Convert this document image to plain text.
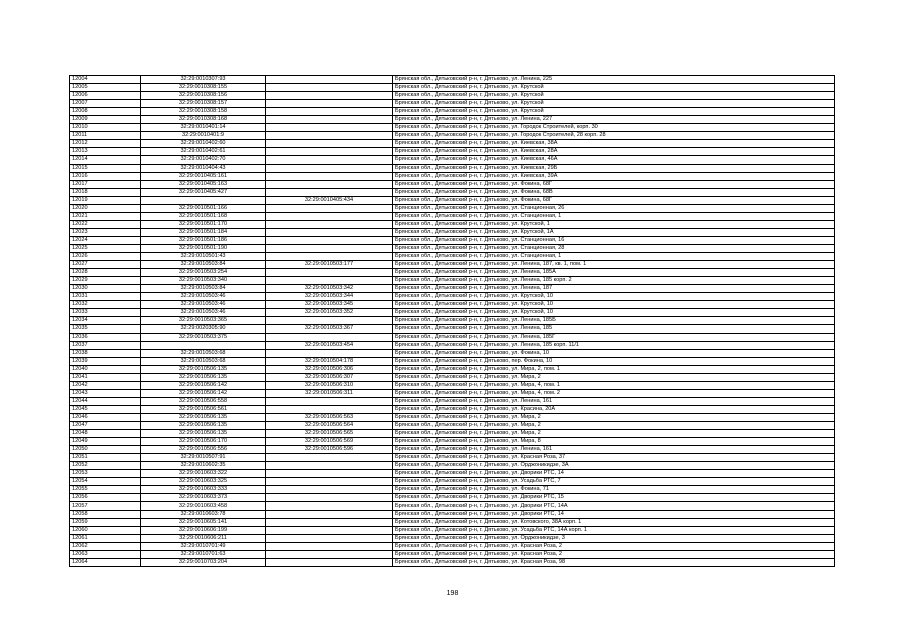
12004	32:29:0010307:93		Брянская обл., Дятьковский р-н, г. Дятьково, ул. Ленина, 225
12005	32:29:0010308:155		Брянская обл., Дятьковский р-н, г. Дятьково, ул. Крутской
12006	32:29:0010308:156		Брянская обл., Дятьковский р-н, г. Дятьково, ул. Крутской
12007	32:29:0010308:157		Брянская обл., Дятьковский р-н, г. Дятьково, ул. Крутской
12008	32:29:0010308:158		Брянская обл., Дятьковский р-н, г. Дятьково, ул. Крутской
12009	32:29:0010308:168		Брянская обл., Дятьковский р-н, г. Дятьково, ул. Ленина, 227
12010	32:29:0010401:14		Брянская обл., Дятьковский р-н, г. Дятьково, ул. Городок Строителей, корп. 30
12011	32:29:0010401:9		Брянская обл., Дятьковский р-н, г. Дятьково, ул. Городок Строителей, 28 корп. 28
12012	32:29:0010402:60		Брянская обл., Дятьковский р-н, г. Дятьково, ул. Киевская, 38А
12013	32:29:0010402:61		Брянская обл., Дятьковский р-н, г. Дятьково, ул. Киевская, 28А
12014	32:29:0010402:70		Брянская обл., Дятьковский р-н, г. Дятьково, ул. Киевская, 46А
12015	32:29:0010404:43		Брянская обл., Дятьковский р-н, г. Дятьково, ул. Киевская, 29Б
12016	32:29:0010405:161		Брянская обл., Дятьковский р-н, г. Дятьково, ул. Киевская, 39А
12017	32:29:0010405:163		Брянская обл., Дятьковский р-н, г. Дятьково, ул. Фокина, 68Г
12018	32:29:0010405:427		Брянская обл., Дятьковский р-н, г. Дятьково, ул. Фокина, 68В
12019		32:29:0010405:434	Брянская обл., Дятьковский р-н, г. Дятьково, ул. Фокина, 68Г
12020	32:29:0010501:166		Брянская обл., Дятьковский р-н, г. Дятьково, ул. Станционная, 26
12021	32:29:0010501:168		Брянская обл., Дятьковский р-н, г. Дятьково, ул. Станционная, 1
12022	32:29:0010501:170		Брянская обл., Дятьковский р-н, г. Дятьково, ул. Крутской, 1
12023	32:29:0010501:184		Брянская обл., Дятьковский р-н, г. Дятьково, ул. Крутской, 1А
12024	32:29:0010501:186		Брянская обл., Дятьковский р-н, г. Дятьково, ул. Станционная, 16
12025	32:29:0010501:190		Брянская обл., Дятьковский р-н, г. Дятьково, ул. Станционная, 28
12026	32:29:0010501:43		Брянская обл., Дятьковский р-н, г. Дятьково, ул. Станционная, 1
12027	32:29:0010503:84	32:29:0010503:177	Брянская обл., Дятьковский р-н, г. Дятьково, ул. Ленина, 187, кв. 1, пом. 1
12028	32:29:0010503:254		Брянская обл., Дятьковский р-н, г. Дятьково, ул. Ленина, 185А
12029	32:29:0010503:340		Брянская обл., Дятьковский р-н, г. Дятьково, ул. Ленина, 185 корп. 2
12030	32:29:0010503:84	32:29:0010503:342	Брянская обл., Дятьковский р-н, г. Дятьково, ул. Ленина, 187
12031	32:29:0010503:46	32:29:0010503:344	Брянская обл., Дятьковский р-н, г. Дятьково, ул. Крутской, 10
12032	32:29:0010503:46	32:29:0010503:345	Брянская обл., Дятьковский р-н, г. Дятьково, ул. Крутской, 10
12033	32:29:0010503:46	32:29:0010503:352	Брянская обл., Дятьковский р-н, г. Дятьково, ул. Крутской, 10
12034	32:29:0010503:365		Брянская обл., Дятьковский р-н, г. Дятьково, ул. Ленина, 185Б
12035	32:29:0020305:90	32:29:0010503:367	Брянская обл., Дятьковский р-н, г. Дятьково, ул. Ленина, 185
12036	32:29:0010503:375		Брянская обл., Дятьковский р-н, г. Дятьково, ул. Ленина, 185Г
12037		32:29:0010503:454	Брянская обл., Дятьковский р-н, г. Дятьково, ул. Ленина, 185 корп. 11/1
12038	32:29:0010503:68		Брянская обл., Дятьковский р-н, г. Дятьково, ул. Фокина, 10
12039	32:29:0010503:68	32:29:0010504:178	Брянская обл., Дятьковский р-н, г. Дятьково, пер. Фокина, 10
12040	32:29:0010506:135	32:29:0010506:306	Брянская обл., Дятьковский р-н, г. Дятьково, ул. Мира, 2, пом. 1
12041	32:29:0010506:135	32:29:0010506:307	Брянская обл., Дятьковский р-н, г. Дятьково, ул. Мира, 2
12042	32:29:0010506:142	32:29:0010506:310	Брянская обл., Дятьковский р-н, г. Дятьково, ул. Мира, 4, пом. 1
12043	32:29:0010506:142	32:29:0010506:311	Брянская обл., Дятьковский р-н, г. Дятьково, ул. Мира, 4, пом. 2
12044	32:29:0010506:558		Брянская обл., Дятьковский р-н, г. Дятьково, ул. Ленина, 161
12045	32:29:0010506:561		Брянская обл., Дятьковский р-н, г. Дятьково, ул. Красина, 20А
12046	32:29:0010506:135	32:29:0010506:563	Брянская обл., Дятьковский р-н, г. Дятьково, ул. Мира, 2
12047	32:29:0010506:135	32:29:0010506:564	Брянская обл., Дятьковский р-н, г. Дятьково, ул. Мира, 2
12048	32:29:0010506:135	32:29:0010506:565	Брянская обл., Дятьковский р-н, г. Дятьково, ул. Мира, 2
12049	32:29:0010506:170	32:29:0010506:569	Брянская обл., Дятьковский р-н, г. Дятьково, ул. Мира, 8
12050	32:29:0010506:556	32:29:0010506:596	Брянская обл., Дятьковский р-н, г. Дятьково, ул. Ленина, 161
12051	32:29:0010507:91		Брянская обл., Дятьковский р-н, г. Дятьково, ул. Красная Роза, 37
12052	32:29:0010602:35		Брянская обл., Дятьковский р-н, г. Дятьково, ул. Орджоникидзе, 3А
12053	32:29:0010603:322		Брянская обл., Дятьковский р-н, г. Дятьково, ул. Дворики РТС, 14
12054	32:29:0010603:325		Брянская обл., Дятьковский р-н, г. Дятьково, ул. Усадьба РТС, 7
12055	32:29:0010603:333		Брянская обл., Дятьковский р-н, г. Дятьково, ул. Фокина, 71
12056	32:29:0010603:373		Брянская обл., Дятьковский р-н, г. Дятьково, ул. Дворики РТС, 15
12057	32:29:0010603:458		Брянская обл., Дятьковский р-н, г. Дятьково, ул. Дворики РТС, 14А
12058	32:29:0010603:78		Брянская обл., Дятьковский р-н, г. Дятьково, ул. Дворики РТС, 14
12059	32:29:0010605:141		Брянская обл., Дятьковский р-н, г. Дятьково, ул. Котовского, 38А корп. 1
12060	32:29:0010606:199		Брянская обл., Дятьковский р-н, г. Дятьково, ул. Усадьба РТС, 14А корп. 1
12061	32:29:0010606:211		Брянская обл., Дятьковский р-н, г. Дятьково, ул. Орджоникидзе, 3
12062	32:29:0010701:49		Брянская обл., Дятьковский р-н, г. Дятьково, ул. Красная Роза, 2
12063	32:29:0010701:63		Брянская обл., Дятьковский р-н, г. Дятьково, ул. Красная Роза, 2
12064	32:29:0010703:204		Брянская обл., Дятьковский р-н, г. Дятьково, ул. Красная Роза, 98
198
